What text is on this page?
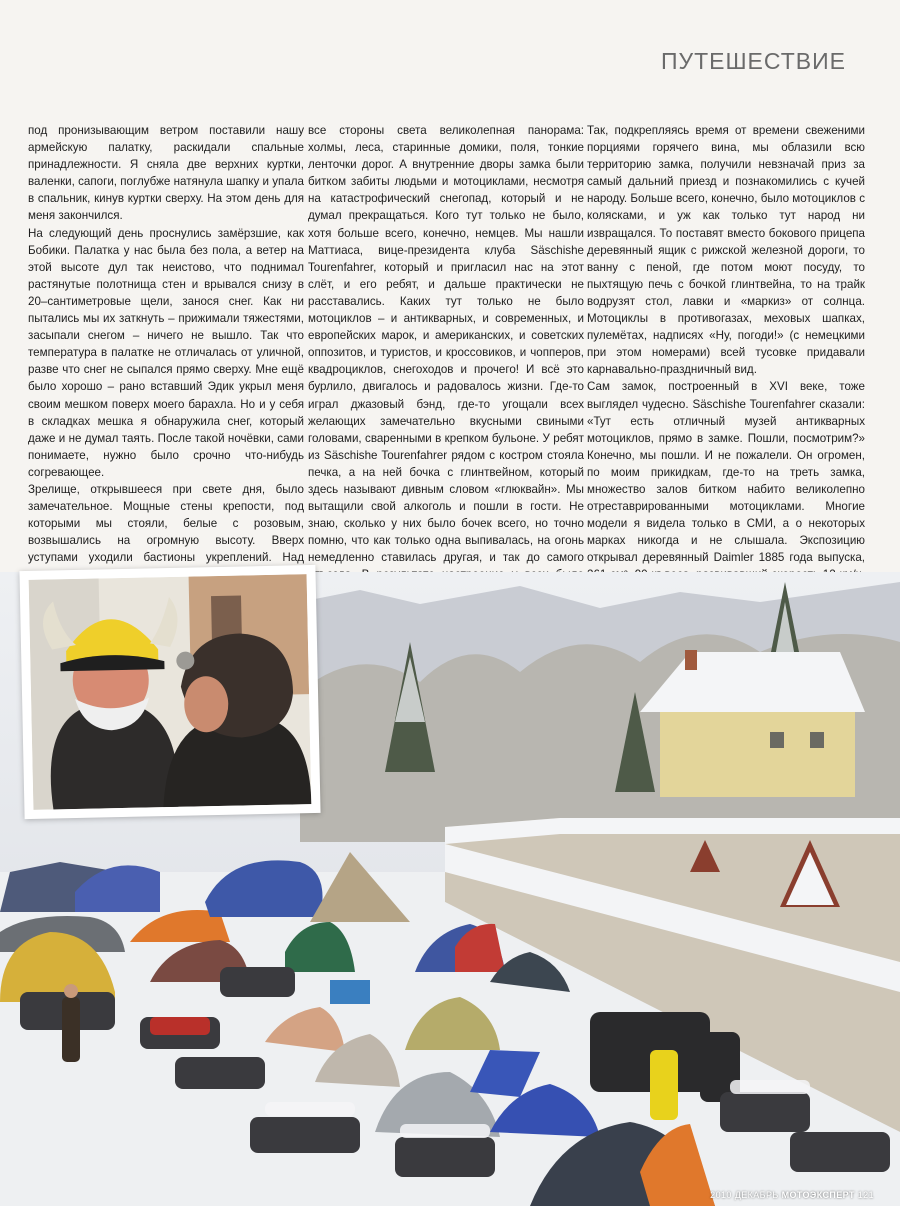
ПУТЕШЕСТВИЕ

под пронизывающим ветром поставили нашу армейскую палатку, раскидали спальные принадлежности. Я сняла две верхних куртки, валенки, сапоги, поглубже натянула шапку и упала в спальник, кинув куртки сверху. На этом день для меня закончился.

На следующий день проснулись замёрзшие, как Бобики. Палатка у нас была без пола, а ветер на этой высоте дул так неистово, что поднимал растянутые полотнища стен и врывался снизу в 20–сантиметровые щели, занося снег. Как ни пытались мы их заткнуть – прижимали тяжестями, засыпали снегом – ничего не вышло. Так что температура в палатке не отличалась от уличной, разве что снег не сыпался прямо сверху. Мне ещё было хорошо – рано вставший Эдик укрыл меня своим мешком поверх моего барахла. Но и у себя в складках мешка я обнаружила снег, который даже и не думал таять. После такой ночёвки, сами понимаете, нужно было срочно что-нибудь согревающее.

Зрелище, открывшееся при свете дня, было замечательное. Мощные стены крепости, под которыми мы стояли, белые с розовым, возвышались на огромную высоту. Вверх уступами уходили бастионы укреплений. Над

все стороны света великолепная панорама: холмы, леса, старинные домики, поля, тонкие ленточки дорог. А внутренние дворы замка были битком забиты людьми и мотоциклами, несмотря на катастрофический снегопад, который и не думал прекращаться. Кого тут только не было, хотя больше всего, конечно, немцев. Мы нашли Маттиаса, вице-президента клуба Säschishe Tourenfahrer, который и пригласил нас на этот слёт, и его ребят, и дальше практически не расставались. Каких тут только не было мотоциклов – и антикварных, и современных, и европейских марок, и американских, и советских оппозитов, и туристов, и кроссовиков, и чопперов, квадроциклов, снегоходов и прочего! И всё это бурлило, двигалось и радовалось жизни. Где-то играл джазовый бэнд, где-то угощали всех желающих замечательно вкусными свиными головами, сваренными в крепком бульоне. У ребят из Säschishe Tourenfahrer рядом с костром стояла печка, а на ней бочка с глинтвейном, который здесь называют дивным словом «глюквайн». Мы вытащили свой алкоголь и пошли в гости. Не знаю, сколько у них было бочек всего, но точно помню, что как только одна выпивалась, на огонь немедленно ставилась другая, и так до самого

Так, подкрепляясь время от времени свеженими порциями горячего вина, мы облазили всю территорию замка, получили невзначай приз за самый дальний приезд и познакомились с кучей народу. Больше всего, конечно, было мотоциклов с колясками, и уж как только тут народ ни извращался. То поставят вместо бокового прицепа деревянный ящик с рижской железной дороги, то ванну с пеной, где потом моют посуду, то пыхтящую печь с бочкой глинтвейна, то на трайк водрузят стол, лавки и «маркиз» от солнца. Мотоциклы в противогазах, меховых шапках, пулемётах, надписях «Ну, погоди!» (с немецкими при этом номерами) всей тусовке придавали карнавально-праздничный вид.

Сам замок, построенный в XVI веке, тоже выглядел чудесно. Säschishe Tourenfahrer сказали: «Тут есть отличный музей антикварных мотоциклов, прямо в замке. Пошли, посмотрим?» Конечно, мы пошли. И не пожалели. Он огромен, по моим прикидкам, где-то на треть замка, множество залов битком набито великолепно отреставрированными мотоциклами. Многие модели я видела только в СМИ, а о некоторых марках никогда и не слышала. Экспозицию открывал деревянный Daimler 1885 года выпуска,

2010 ДЕКАБРЬ МОТОЭКСПЕРТ 121
